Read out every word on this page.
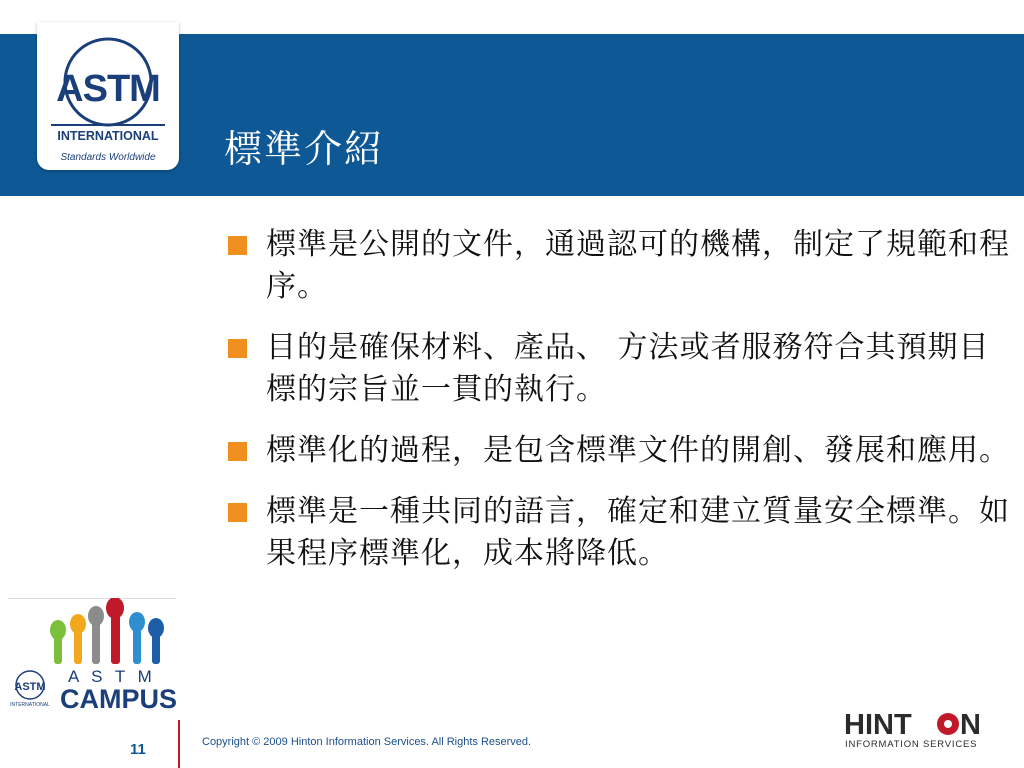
ASTM
INTERNATIONAL
Standards Worldwide 標準介紹
標準是公開的文件，通過認可的機構，制定了規範和程序。
目的是確保材料、產品、 方法或者服務符合其預期目標的宗旨並一貫的執行。
標準化的過程，是包含標準文件的開創、發展和應用。
標準是一種共同的語言，確定和建立質量安全標準。如果程序標準化，成本將降低。
A S T M
CAMPUS
ASTM
INTERNATIONAL
11	Copyright © 2009 Hinton Information Services. All Rights Reserved.
HINT N
INFORMATION SERVICES
